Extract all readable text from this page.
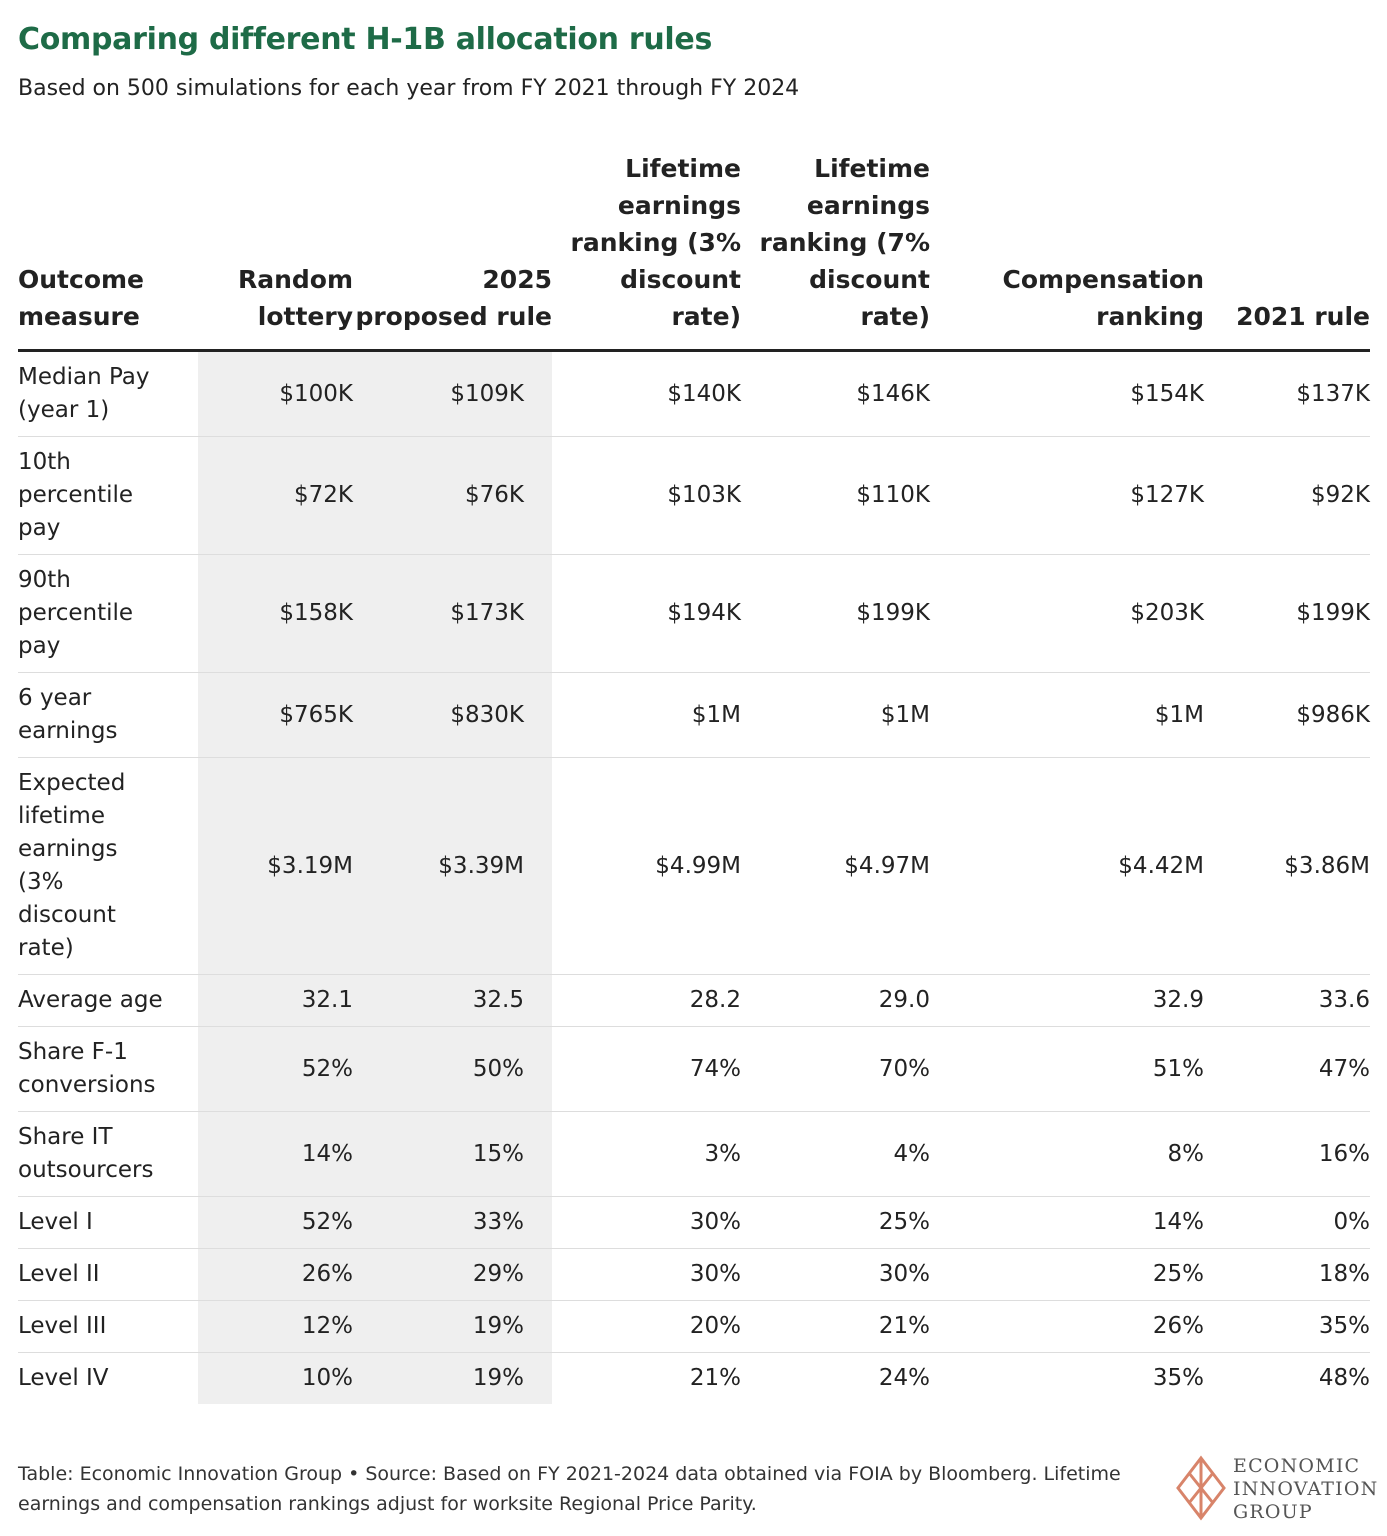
Comparing different H-1B allocation rules
Based on 500 simulations for each year from FY 2021 through FY 2024
Outcome measure	Random lottery	2025 proposed rule	Lifetime earnings ranking (3% discount rate)	Lifetime earnings ranking (7% discount rate)	Compensation ranking	2021 rule
Median Pay (year 1)	$100K	$109K	$140K	$146K	$154K	$137K
10th percentile pay	$72K	$76K	$103K	$110K	$127K	$92K
90th percentile pay	$158K	$173K	$194K	$199K	$203K	$199K
6 year earnings	$765K	$830K	$1M	$1M	$1M	$986K
Expected lifetime earnings (3% discount rate)	$3.19M	$3.39M	$4.99M	$4.97M	$4.42M	$3.86M
Average age	32.1	32.5	28.2	29.0	32.9	33.6
Share F-1 conversions	52%	50%	74%	70%	51%	47%
Share IT outsourcers	14%	15%	3%	4%	8%	16%
Level I	52%	33%	30%	25%	14%	0%
Level II	26%	29%	30%	30%	25%	18%
Level III	12%	19%	20%	21%	26%	35%
Level IV	10%	19%	21%	24%	35%	48%
Table: Economic Innovation Group • Source: Based on FY 2021-2024 data obtained via FOIA by Bloomberg. Lifetime earnings and compensation rankings adjust for worksite Regional Price Parity.
ECONOMIC
INNOVATION
GROUP
